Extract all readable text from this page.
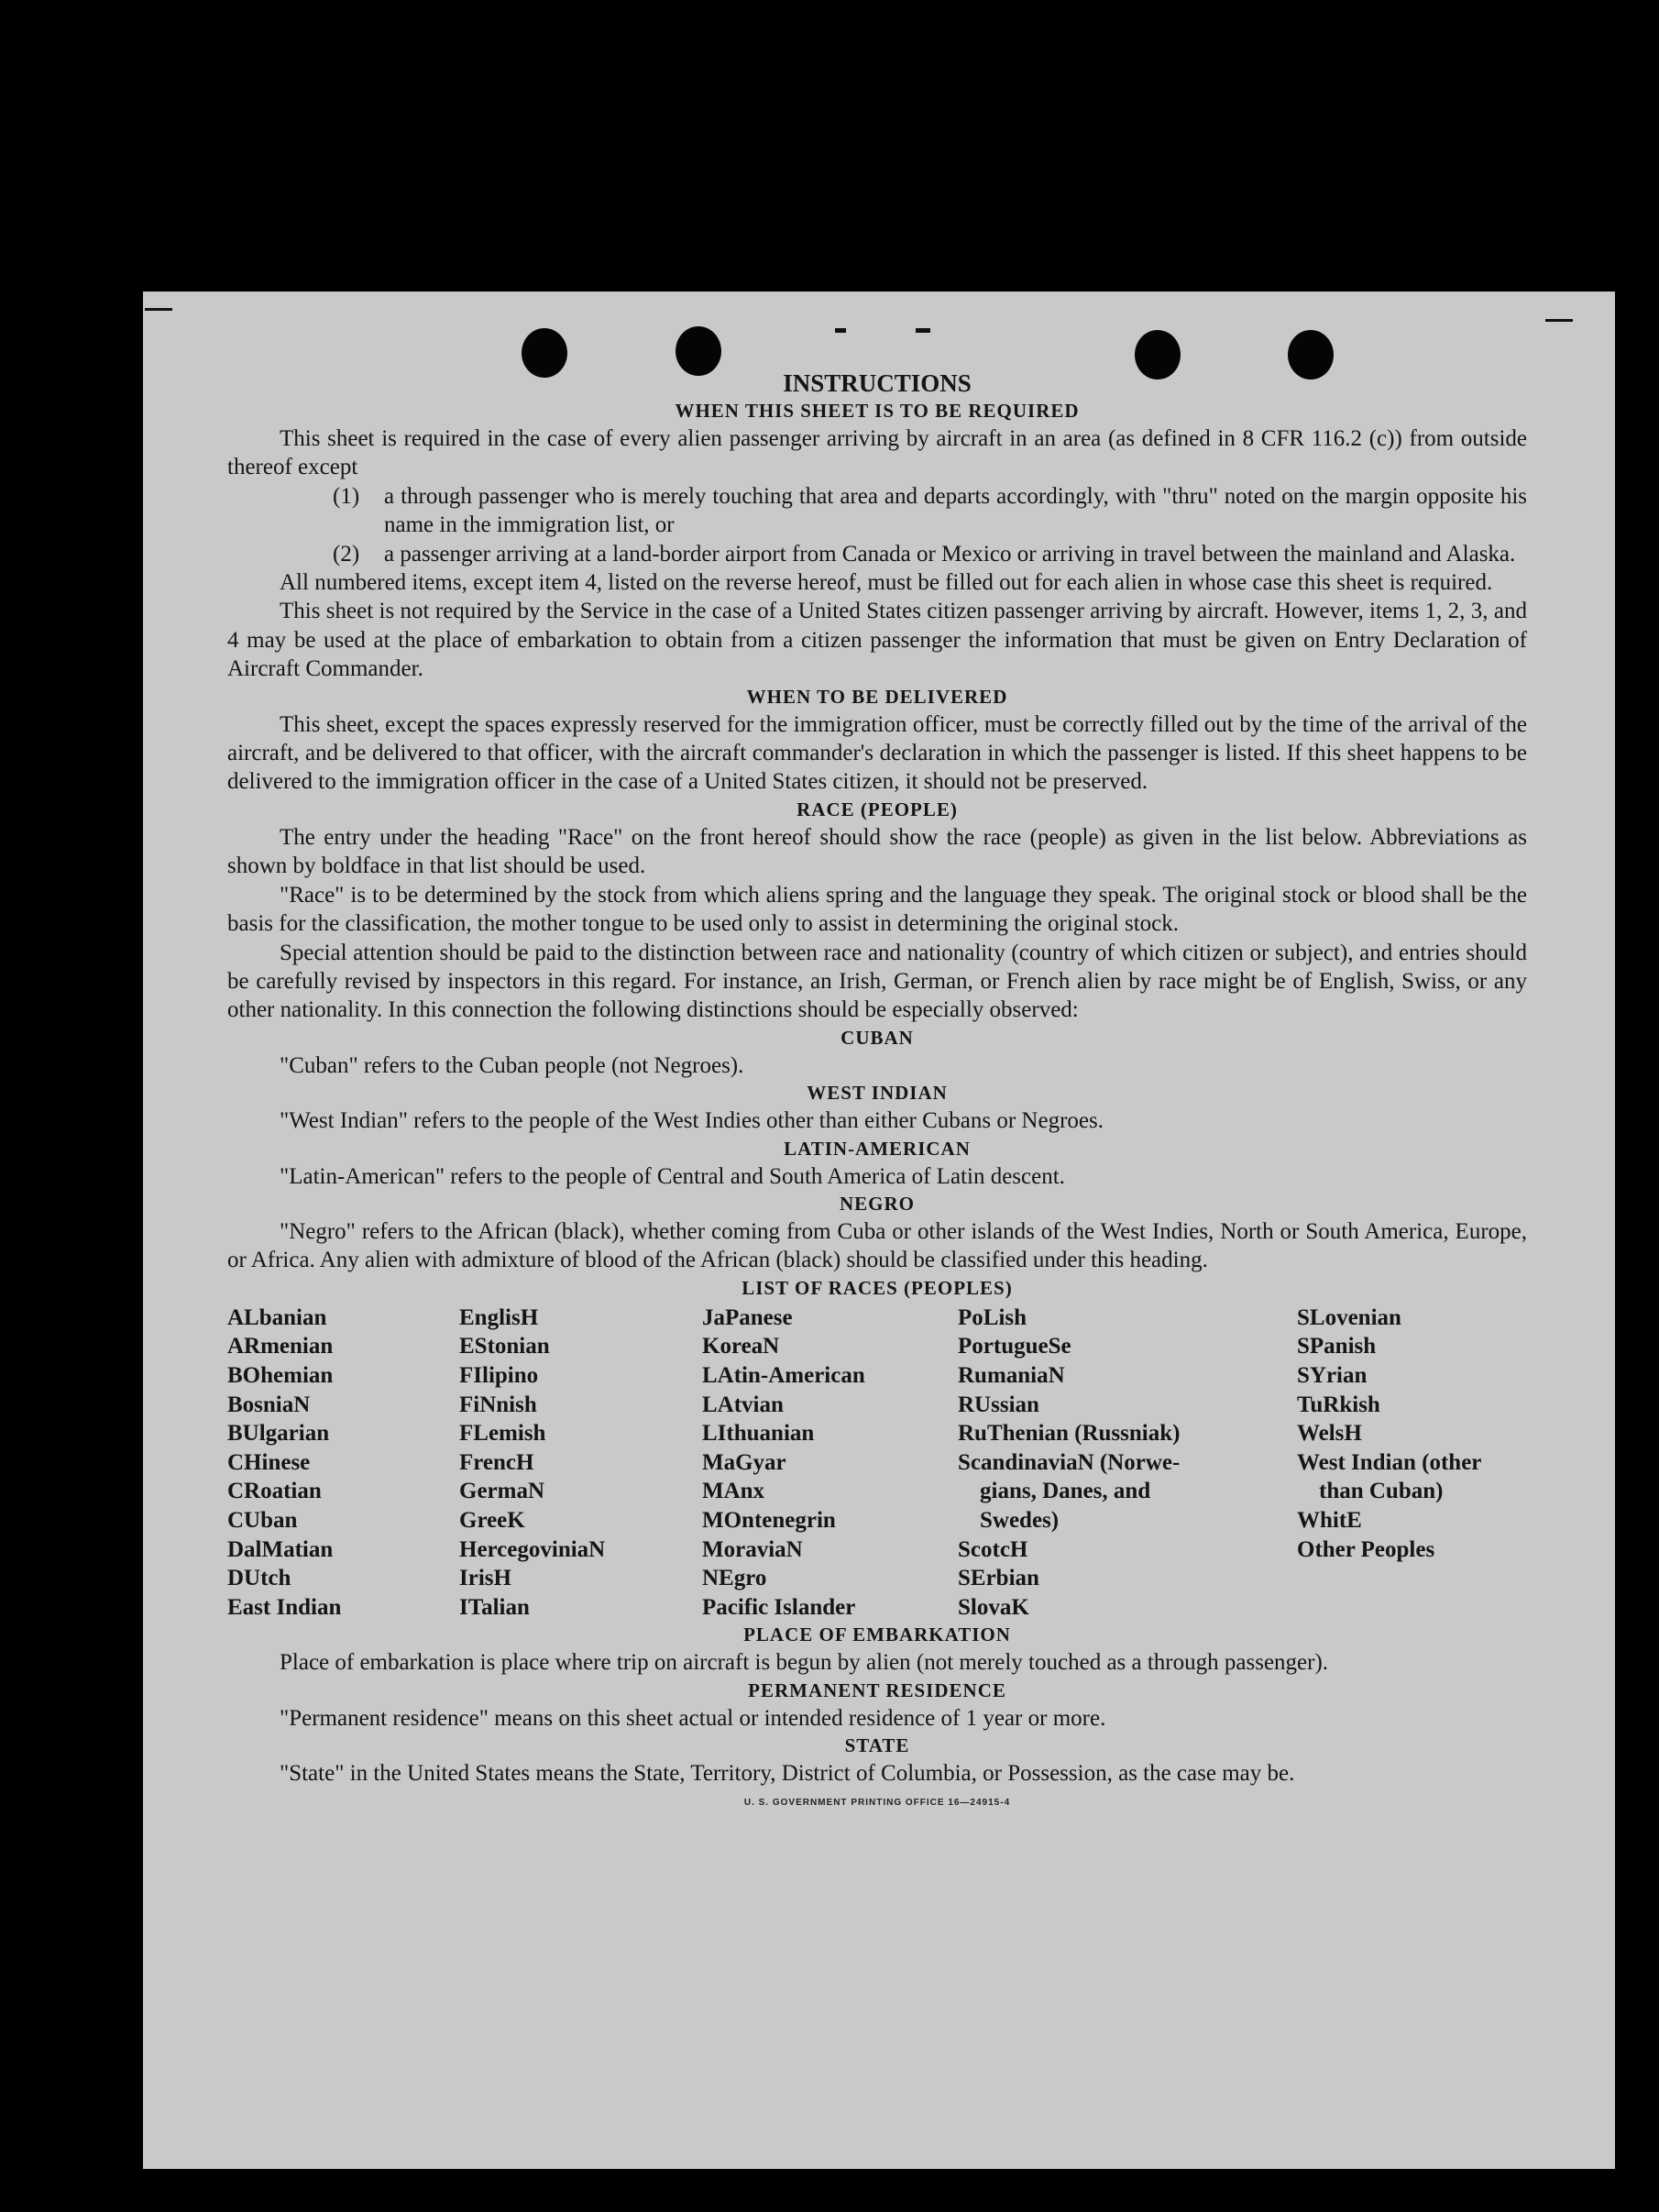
INSTRUCTIONS

WHEN THIS SHEET IS TO BE REQUIRED

This sheet is required in the case of every alien passenger arriving by aircraft in an area (as defined in 8 CFR 116.2 (c)) from outside thereof except

(1)	a through passenger who is merely touching that area and departs accordingly, with "thru" noted on the margin opposite his name in the immigration list, or
(2)	a passenger arriving at a land-border airport from Canada or Mexico or arriving in travel between the mainland and Alaska.

All numbered items, except item 4, listed on the reverse hereof, must be filled out for each alien in whose case this sheet is required.

This sheet is not required by the Service in the case of a United States citizen passenger arriving by aircraft. However, items 1, 2, 3, and 4 may be used at the place of embarkation to obtain from a citizen passenger the information that must be given on Entry Declaration of Aircraft Commander.

WHEN TO BE DELIVERED

This sheet, except the spaces expressly reserved for the immigration officer, must be correctly filled out by the time of the arrival of the aircraft, and be delivered to that officer, with the aircraft commander's declaration in which the passenger is listed. If this sheet happens to be delivered to the immigration officer in the case of a United States citizen, it should not be preserved.

RACE (PEOPLE)

The entry under the heading "Race" on the front hereof should show the race (people) as given in the list below. Abbreviations as shown by boldface in that list should be used.

"Race" is to be determined by the stock from which aliens spring and the language they speak. The original stock or blood shall be the basis for the classification, the mother tongue to be used only to assist in determining the original stock.

Special attention should be paid to the distinction between race and nationality (country of which citizen or subject), and entries should be carefully revised by inspectors in this regard. For instance, an Irish, German, or French alien by race might be of English, Swiss, or any other nationality. In this connection the following distinctions should be especially observed:

CUBAN

"Cuban" refers to the Cuban people (not Negroes).

WEST INDIAN

"West Indian" refers to the people of the West Indies other than either Cubans or Negroes.

LATIN-AMERICAN

"Latin-American" refers to the people of Central and South America of Latin descent.

NEGRO

"Negro" refers to the African (black), whether coming from Cuba or other islands of the West Indies, North or South America, Europe, or Africa. Any alien with admixture of blood of the African (black) should be classified under this heading.

LIST OF RACES (PEOPLES)

ALbanian
ARmenian
BOhemian
BosniaN
BUlgarian
CHinese
CRoatian
CUban
DalMatian
DUtch
East Indian
EnglisH
EStonian
FIlipino
FiNnish
FLemish
FrencH
GermaN
GreeK
HercegoviniaN
IrisH
ITalian
JaPanese
KoreaN
LAtin-American
LAtvian
LIthuanian
MaGyar
MAnx
MOntenegrin
MoraviaN
NEgro
Pacific Islander
PoLish
PortugueSe
RumaniaN
RUssian
RuThenian (Russniak)
ScandinaviaN (Norwe-
gians, Danes, and
Swedes)
ScotcH
SErbian
SlovaK
SLovenian
SPanish
SYrian
TuRkish
WelsH
West Indian (other
than Cuban)
WhitE
Other Peoples

PLACE OF EMBARKATION

Place of embarkation is place where trip on aircraft is begun by alien (not merely touched as a through passenger).

PERMANENT RESIDENCE

"Permanent residence" means on this sheet actual or intended residence of 1 year or more.

STATE

"State" in the United States means the State, Territory, District of Columbia, or Possession, as the case may be.

U. S. GOVERNMENT PRINTING OFFICE 16—24915-4
